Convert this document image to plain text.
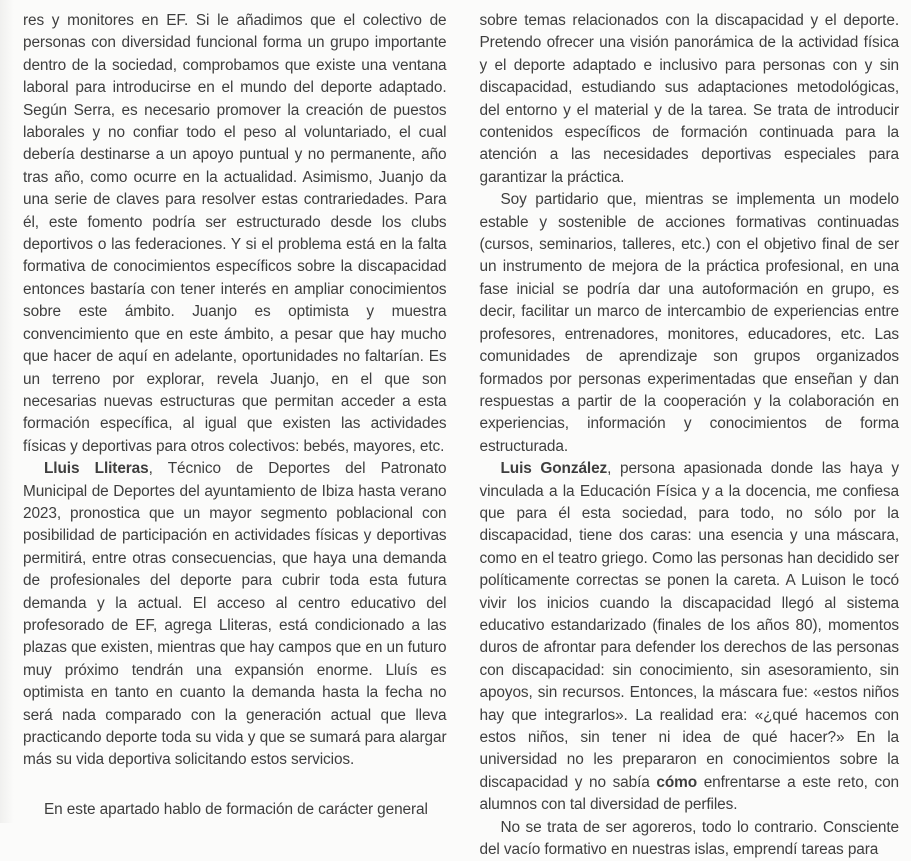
res y monitores en EF. Si le añadimos que el colectivo de personas con diversidad funcional forma un grupo importante dentro de la sociedad, comprobamos que existe una ventana laboral para introducirse en el mundo del deporte adaptado. Según Serra, es necesario promover la creación de puestos laborales y no confiar todo el peso al voluntariado, el cual debería destinarse a un apoyo puntual y no permanente, año tras año, como ocurre en la actualidad. Asimismo, Juanjo da una serie de claves para resolver estas contrariedades. Para él, este fomento podría ser estructurado desde los clubs deportivos o las federaciones. Y si el problema está en la falta formativa de conocimientos específicos sobre la discapacidad entonces bastaría con tener interés en ampliar conocimientos sobre este ámbito. Juanjo es optimista y muestra convencimiento que en este ámbito, a pesar que hay mucho que hacer de aquí en adelante, oportunidades no faltarían. Es un terreno por explorar, revela Juanjo, en el que son necesarias nuevas estructuras que permitan acceder a esta formación específica, al igual que existen las actividades físicas y deportivas para otros colectivos: bebés, mayores, etc.

Lluis Lliteras, Técnico de Deportes del Patronato Municipal de Deportes del ayuntamiento de Ibiza hasta verano 2023, pronostica que un mayor segmento poblacional con posibilidad de participación en actividades físicas y deportivas permitirá, entre otras consecuencias, que haya una demanda de profesionales del deporte para cubrir toda esta futura demanda y la actual. El acceso al centro educativo del profesorado de EF, agrega Lliteras, está condicionado a las plazas que existen, mientras que hay campos que en un futuro muy próximo tendrán una expansión enorme. Lluís es optimista en tanto en cuanto la demanda hasta la fecha no será nada comparado con la generación actual que lleva practicando deporte toda su vida y que se sumará para alargar más su vida deportiva solicitando estos servicios.

En este apartado hablo de formación de carácter general

sobre temas relacionados con la discapacidad y el deporte. Pretendo ofrecer una visión panorámica de la actividad física y el deporte adaptado e inclusivo para personas con y sin discapacidad, estudiando sus adaptaciones metodológicas, del entorno y el material y de la tarea. Se trata de introducir contenidos específicos de formación continuada para la atención a las necesidades deportivas especiales para garantizar la práctica.

Soy partidario que, mientras se implementa un modelo estable y sostenible de acciones formativas continuadas (cursos, seminarios, talleres, etc.) con el objetivo final de ser un instrumento de mejora de la práctica profesional, en una fase inicial se podría dar una autoformación en grupo, es decir, facilitar un marco de intercambio de experiencias entre profesores, entrenadores, monitores, educadores, etc. Las comunidades de aprendizaje son grupos organizados formados por personas experimentadas que enseñan y dan respuestas a partir de la cooperación y la colaboración en experiencias, información y conocimientos de forma estructurada.

Luis González, persona apasionada donde las haya y vinculada a la Educación Física y a la docencia, me confiesa que para él esta sociedad, para todo, no sólo por la discapacidad, tiene dos caras: una esencia y una máscara, como en el teatro griego. Como las personas han decidido ser políticamente correctas se ponen la careta. A Luison le tocó vivir los inicios cuando la discapacidad llegó al sistema educativo estandarizado (finales de los años 80), momentos duros de afrontar para defender los derechos de las personas con discapacidad: sin conocimiento, sin asesoramiento, sin apoyos, sin recursos. Entonces, la máscara fue: «estos niños hay que integrarlos». La realidad era: «¿qué hacemos con estos niños, sin tener ni idea de qué hacer?» En la universidad no les prepararon en conocimientos sobre la discapacidad y no sabía cómo enfrentarse a este reto, con alumnos con tal diversidad de perfiles.

No se trata de ser agoreros, todo lo contrario. Consciente del vacío formativo en nuestras islas, emprendí tareas para
